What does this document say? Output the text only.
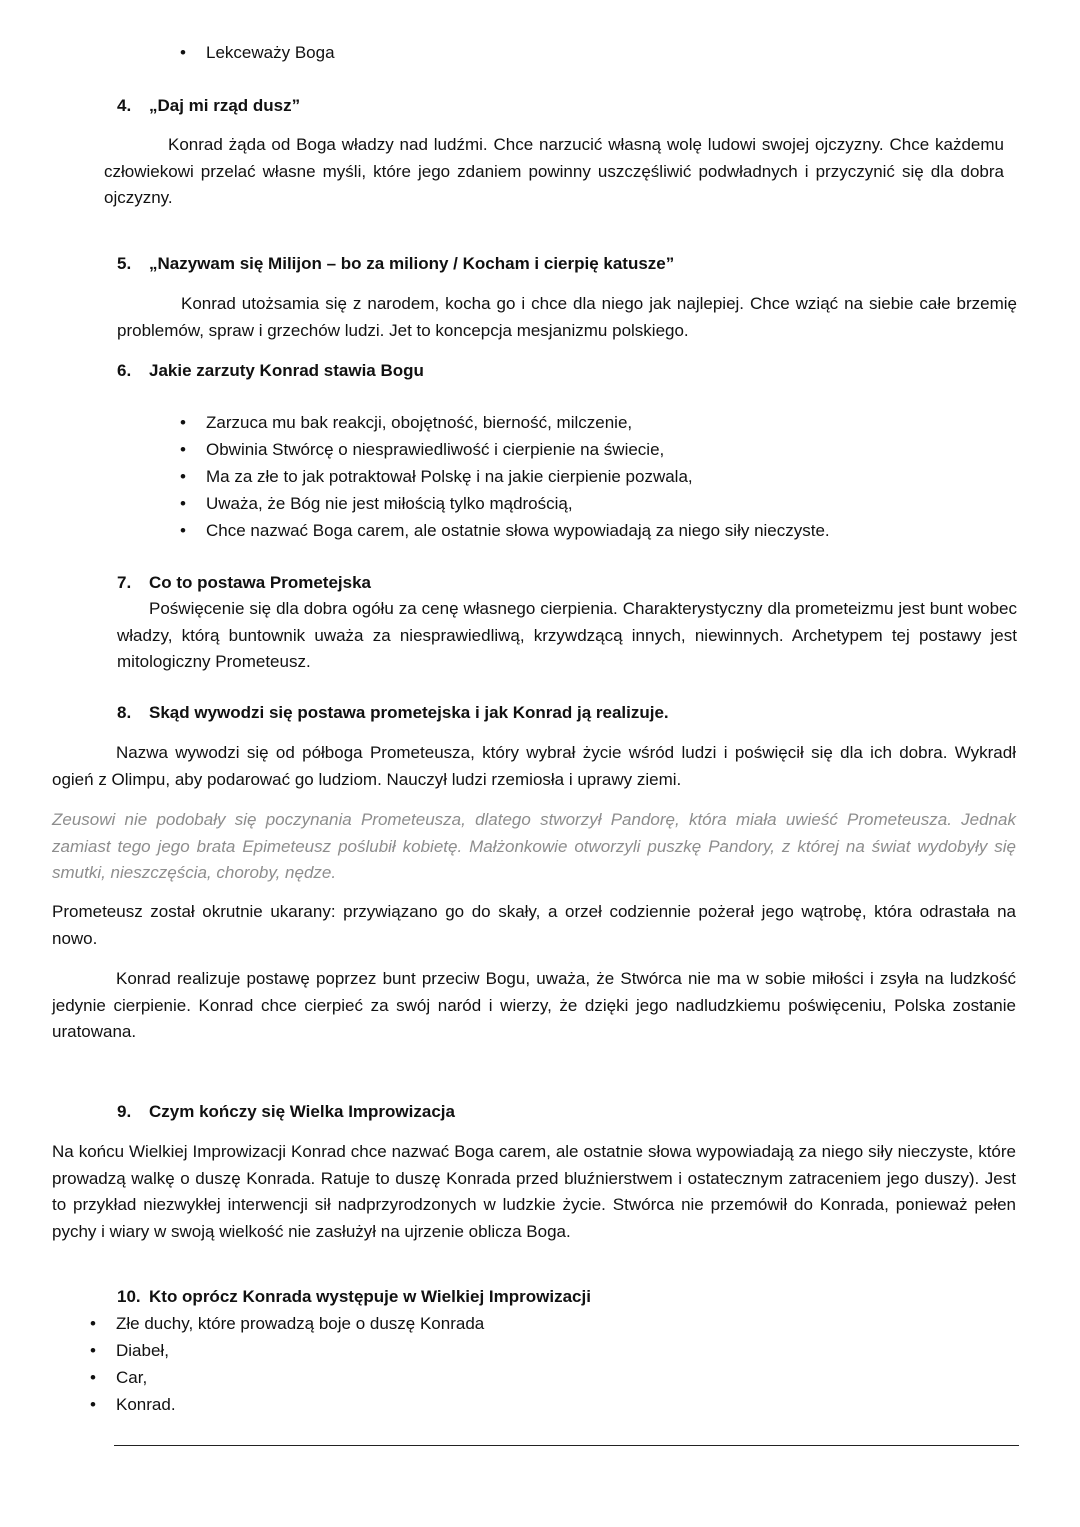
•	Lekceważy Boga
4. „Daj mi rząd dusz”
Konrad żąda od Boga władzy nad ludźmi. Chce narzucić własną wolę ludowi swojej ojczyzny. Chce każdemu człowiekowi przelać własne myśli, które jego zdaniem powinny uszczęśliwić podwładnych i przyczynić się dla dobra ojczyzny.
5. „Nazywam się Milijon – bo za miliony / Kocham i cierpię katusze”
Konrad utożsamia się z narodem, kocha go i chce dla niego jak najlepiej. Chce wziąć na siebie całe brzemię problemów, spraw i grzechów ludzi. Jet to koncepcja mesjanizmu polskiego.
6. Jakie zarzuty Konrad stawia Bogu
•	Zarzuca mu bak reakcji, obojętność, bierność, milczenie,
•	Obwinia Stwórcę o niesprawiedliwość i cierpienie na świecie,
•	Ma za złe to jak potraktował Polskę i na jakie cierpienie pozwala,
•	Uważa, że Bóg nie jest miłością tylko mądrością,
•	Chce nazwać Boga carem, ale ostatnie słowa wypowiadają za niego siły nieczyste.
7. Co to postawa Prometejska
Poświęcenie się dla dobra ogółu za cenę własnego cierpienia. Charakterystyczny dla prometeizmu jest bunt wobec władzy, którą buntownik uważa za niesprawiedliwą, krzywdzącą innych, niewinnych. Archetypem tej postawy jest mitologiczny Prometeusz.
8. Skąd wywodzi się postawa prometejska i jak Konrad ją realizuje.
Nazwa wywodzi się od półboga Prometeusza, który wybrał życie wśród ludzi i poświęcił się dla ich dobra. Wykradł ogień z Olimpu, aby podarować go ludziom. Nauczył ludzi rzemiosła i uprawy ziemi.
Zeusowi nie podobały się poczynania Prometeusza, dlatego stworzył Pandorę, która miała uwieść Prometeusza. Jednak zamiast tego jego brata Epimeteusz poślubił kobietę. Małżonkowie otworzyli puszkę Pandory, z której na świat wydobyły się smutki, nieszczęścia, choroby, nędze.
Prometeusz został okrutnie ukarany: przywiązano go do skały, a orzeł codziennie pożerał jego wątrobę, która odrastała na nowo.
Konrad realizuje postawę poprzez bunt przeciw Bogu, uważa, że Stwórca nie ma w sobie miłości i zsyła na ludzkość jedynie cierpienie. Konrad chce cierpieć za swój naród i wierzy, że dzięki jego nadludzkiemu poświęceniu, Polska zostanie uratowana.
9. Czym kończy się Wielka Improwizacja
Na końcu Wielkiej Improwizacji Konrad chce nazwać Boga carem, ale ostatnie słowa wypowiadają za niego siły nieczyste, które prowadzą walkę o duszę Konrada. Ratuje to duszę Konrada przed bluźnierstwem i ostatecznym zatraceniem jego duszy). Jest to przykład niezwykłej interwencji sił nadprzyrodzonych w ludzkie życie. Stwórca nie przemówił do Konrada, ponieważ pełen pychy i wiary w swoją wielkość nie zasłużył na ujrzenie oblicza Boga.
10. Kto oprócz Konrada występuje w Wielkiej Improwizacji
•	Złe duchy, które prowadzą boje o duszę Konrada
•	Diabeł,
•	Car,
•	Konrad.
